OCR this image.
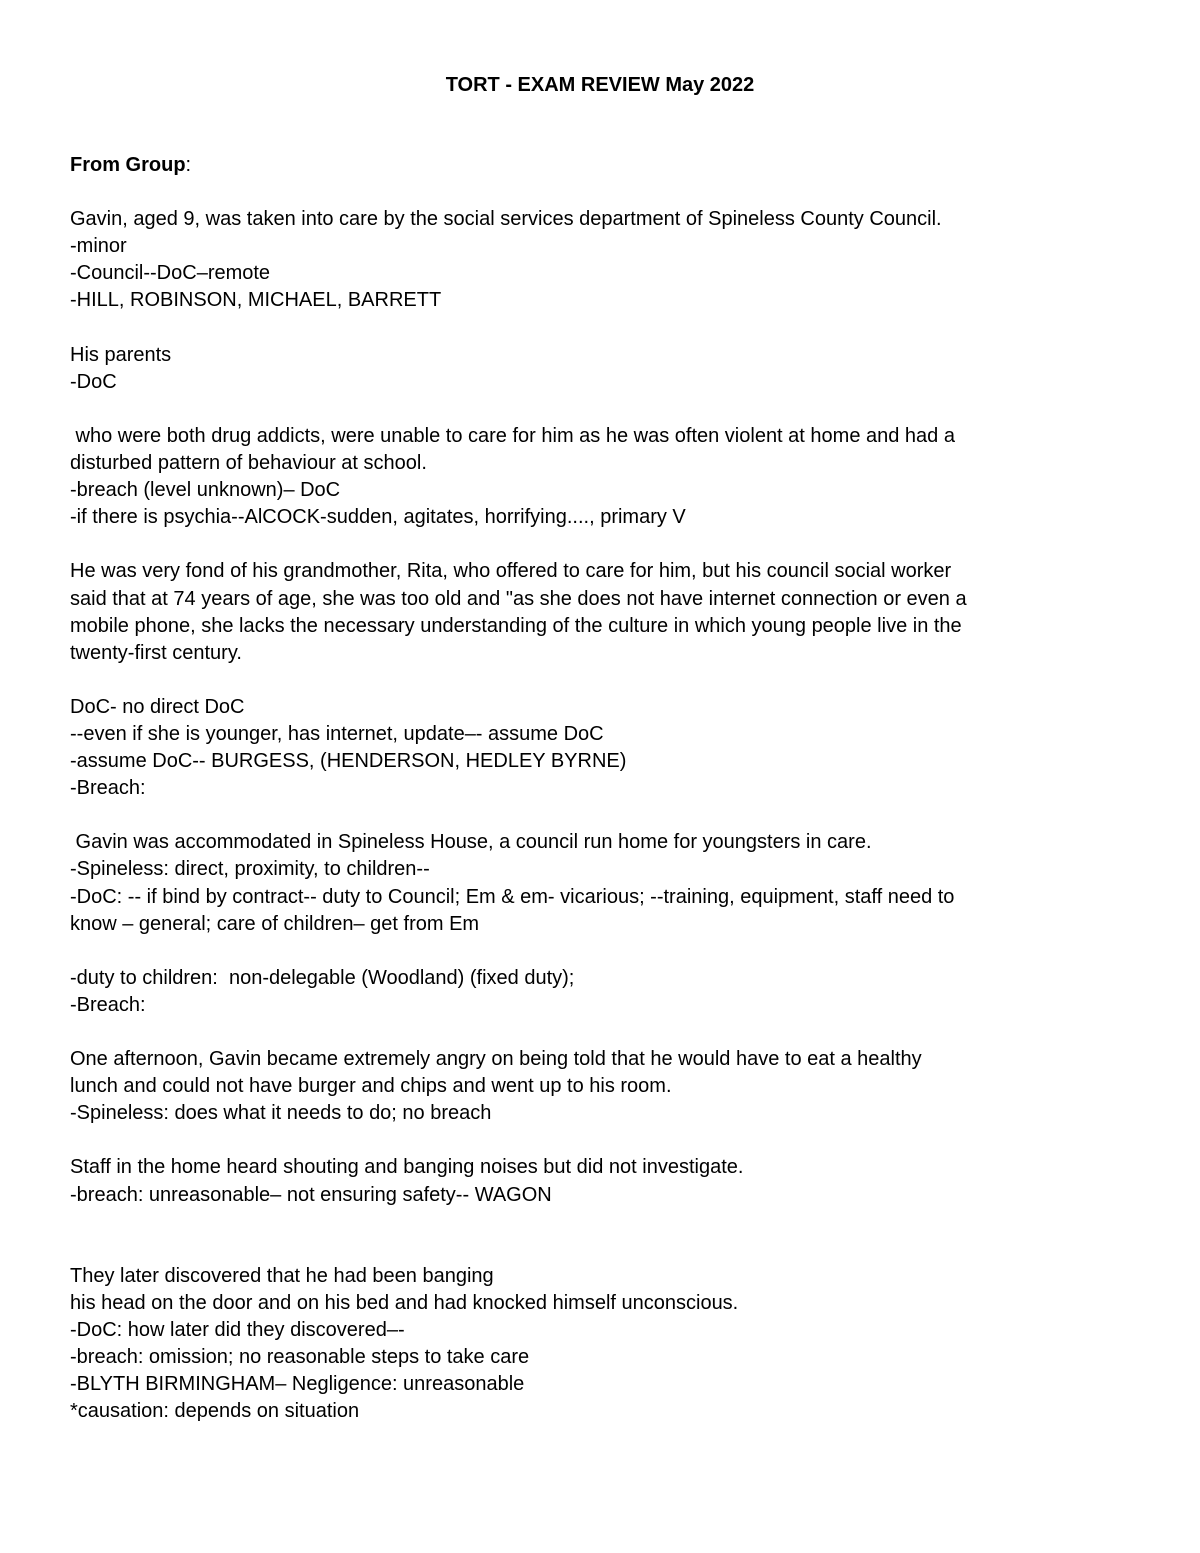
TORT - EXAM REVIEW May 2022
From Group:
Gavin, aged 9, was taken into care by the social services department of Spineless County Council.
-minor
-Council--DoC–remote
-HILL, ROBINSON, MICHAEL, BARRETT
His parents
-DoC
who were both drug addicts, were unable to care for him as he was often violent at home and had a
disturbed pattern of behaviour at school.
-breach (level unknown)– DoC
-if there is psychia--AlCOCK-sudden, agitates, horrifying...., primary V
He was very fond of his grandmother, Rita, who offered to care for him, but his council social worker
said that at 74 years of age, she was too old and "as she does not have internet connection or even a
mobile phone, she lacks the necessary understanding of the culture in which young people live in the
twenty-first century.
DoC- no direct DoC
--even if she is younger, has internet, update–- assume DoC
-assume DoC-- BURGESS, (HENDERSON, HEDLEY BYRNE)
-Breach:
Gavin was accommodated in Spineless House, a council run home for youngsters in care.
-Spineless: direct, proximity, to children--
-DoC: -- if bind by contract-- duty to Council; Em & em- vicarious; --training, equipment, staff need to
know – general; care of children– get from Em
-duty to children:  non-delegable (Woodland) (fixed duty);
-Breach:
One afternoon, Gavin became extremely angry on being told that he would have to eat a healthy
lunch and could not have burger and chips and went up to his room.
-Spineless: does what it needs to do; no breach
Staff in the home heard shouting and banging noises but did not investigate.
-breach: unreasonable– not ensuring safety-- WAGON
They later discovered that he had been banging
his head on the door and on his bed and had knocked himself unconscious.
-DoC: how later did they discovered–-
-breach: omission; no reasonable steps to take care
-BLYTH BIRMINGHAM– Negligence: unreasonable
*causation: depends on situation
